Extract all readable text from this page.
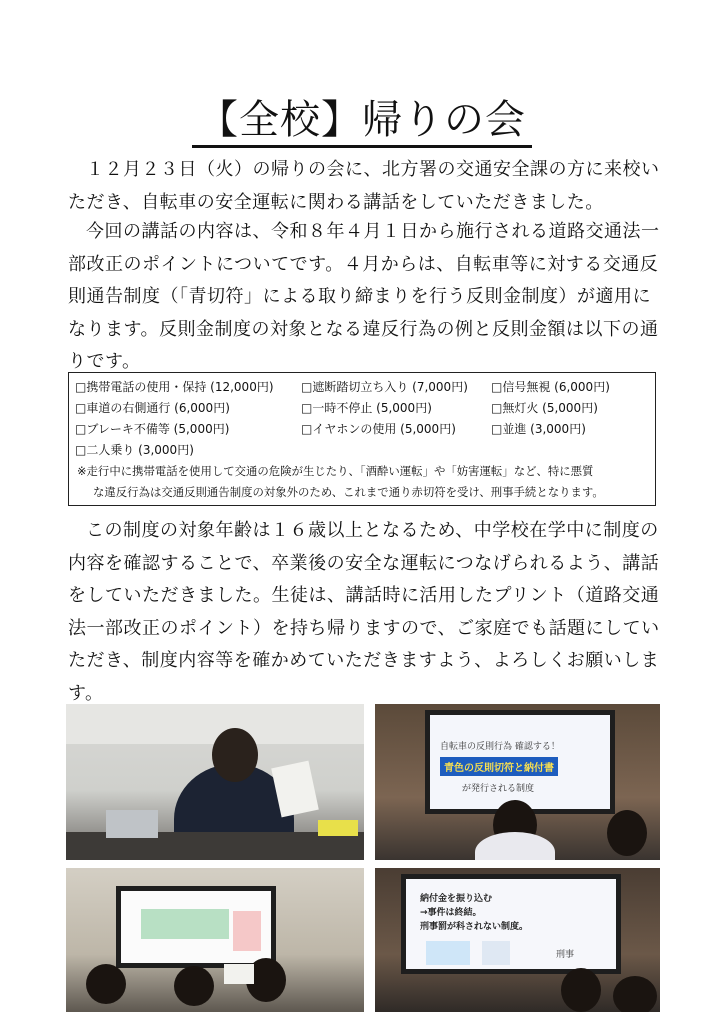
【全校】帰りの会

１２月２３日（火）の帰りの会に、北方署の交通安全課の方に来校いただき、自転車の安全運転に関わる講話をしていただきました。

今回の講話の内容は、令和８年４月１日から施行される道路交通法一部改正のポイントについてです。４月からは、自転車等に対する交通反則通告制度（「青切符」による取り締まりを行う反則金制度）が適用になります。反則金制度の対象となる違反行為の例と反則金額は以下の通りです。

□携帯電話の使用・保持 (12,000円)	□遮断踏切立ち入り (7,000円)	□信号無視 (6,000円)
□車道の右側通行 (6,000円)	□一時不停止 (5,000円)	□無灯火 (5,000円)
□ブレーキ不備等 (5,000円)	□イヤホンの使用 (5,000円)	□並進 (3,000円)
□二人乗り (3,000円)
※走行中に携帯電話を使用して交通の危険が生じたり、「酒酔い運転」や「妨害運転」など、特に悪質
な違反行為は交通反則通告制度の対象外のため、これまで通り赤切符を受け、刑事手続となります。

この制度の対象年齢は１６歳以上となるため、中学校在学中に制度の内容を確認することで、卒業後の安全な運転につなげられるよう、講話をしていただきました。生徒は、講話時に活用したプリント（道路交通法一部改正のポイント）を持ち帰りますので、ご家庭でも話題にしていただき、制度内容等を確かめていただきますよう、よろしくお願いします。

自転車の反則行為 確認する！
青色の反則切符と納付書
が発行される制度
納付金を振り込む
→事件は終結。
刑事罰が科されない制度。
刑事
